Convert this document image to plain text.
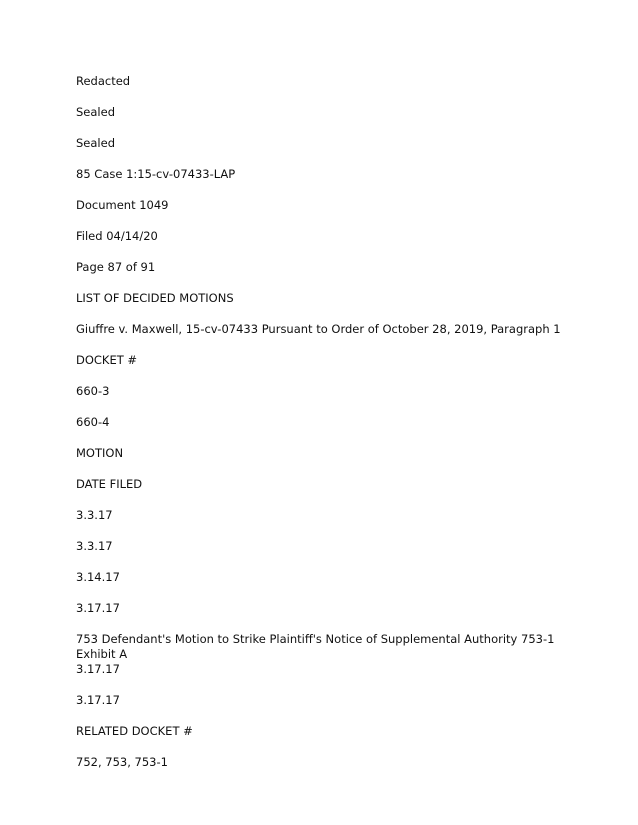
Redacted

Sealed

Sealed

85 Case 1:15-cv-07433-LAP

Document 1049

Filed 04/14/20

Page 87 of 91

LIST OF DECIDED MOTIONS

Giuffre v. Maxwell, 15-cv-07433 Pursuant to Order of October 28, 2019, Paragraph 1

DOCKET #

660-3

660-4

MOTION

DATE FILED

3.3.17

3.3.17

3.14.17

3.17.17

753 Defendant's Motion to Strike Plaintiff's Notice of Supplemental Authority 753-1 Exhibit A

3.17.17

3.17.17

RELATED DOCKET #

752, 753, 753-1
